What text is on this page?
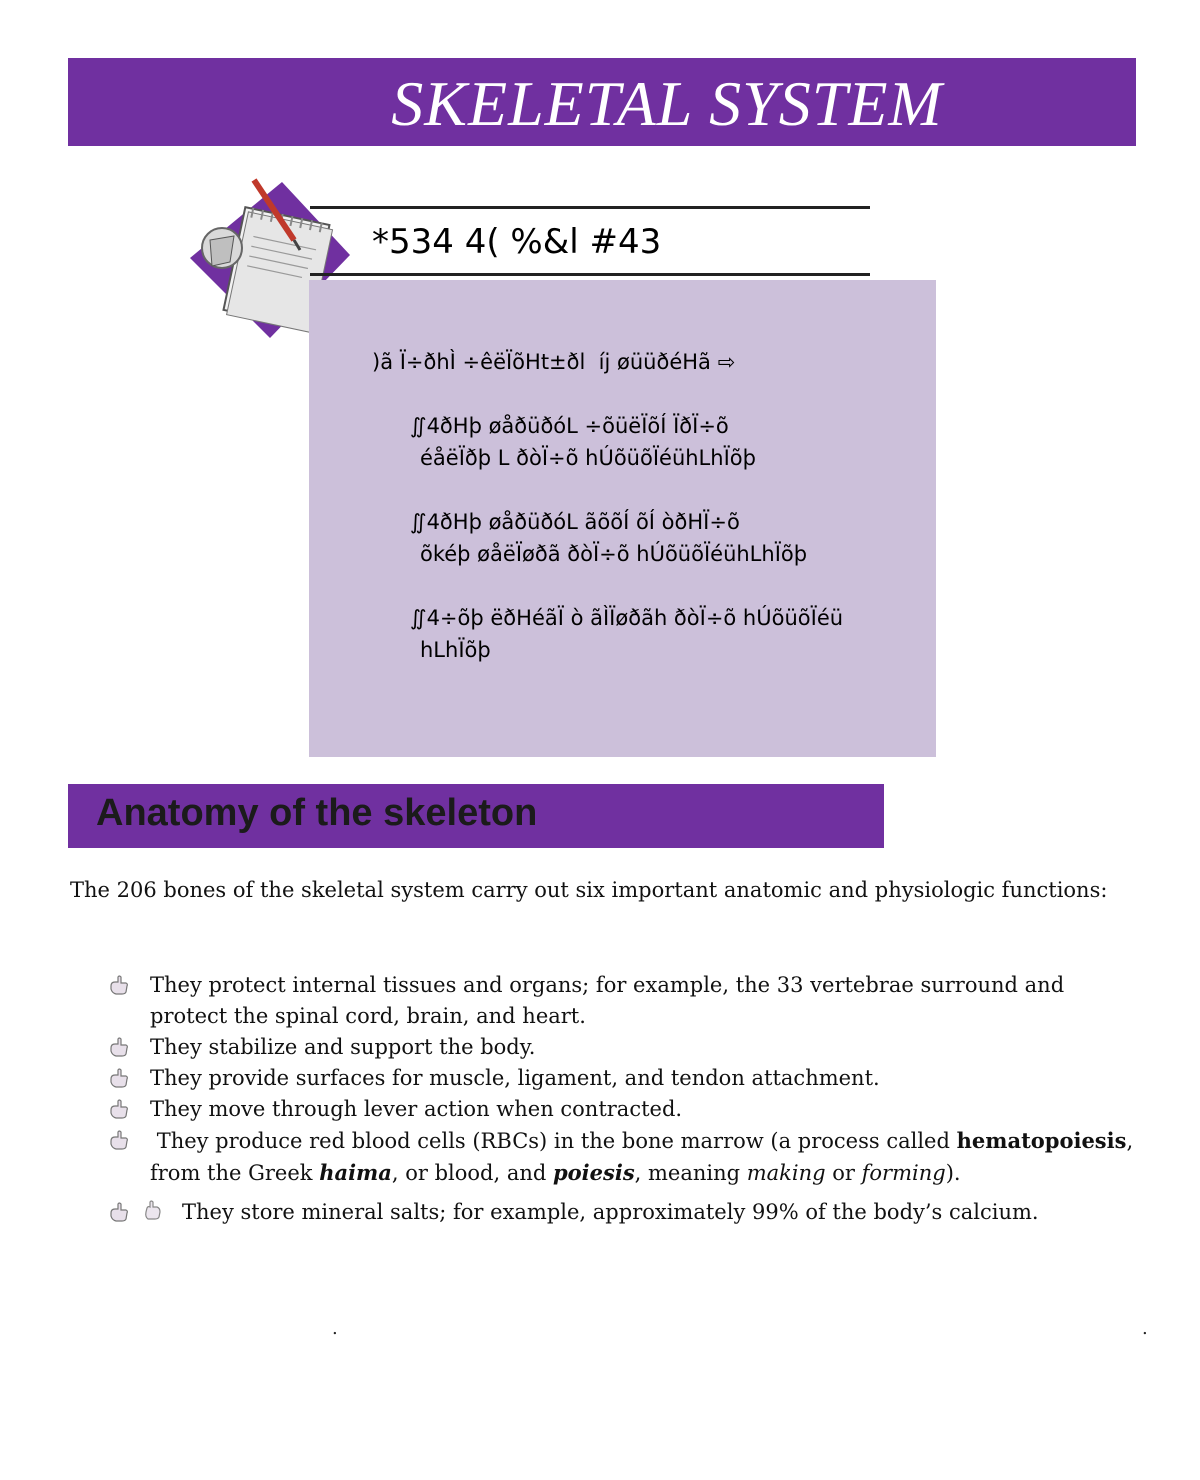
SKELETAL SYSTEM
*534 4( %&l #43
)ã Ï÷ðhÌ ÷êëÏõHt±ðl  íj øüüðéHã ⇨
∬4ðHþ øåðüðóL ÷õüëÏõÍ ÏðÏ÷õ
éåëÏðþ L ðòÏ÷õ hÚõüõÏéühLhÏõþ
∬4ðHþ øåðüðóL ãõõÍ õÍ òðHÏ÷õ
õkéþ øåëÏøðã ðòÏ÷õ hÚõüõÏéühLhÏõþ
∬4÷õþ ëðHéãÏ ò ãÌÏøðãh ðòÏ÷õ hÚõüõÏéü
hLhÏõþ
Anatomy of the skeleton
The 206 bones of the skeletal system carry out six important anatomic and physiologic functions:
They protect internal tissues and organs; for example, the 33 vertebrae surround and protect the spinal cord, brain, and heart.
They stabilize and support the body.
They provide surfaces for muscle, ligament, and tendon attachment.
They move through lever action when contracted.
They produce red blood cells (RBCs) in the bone marrow (a process called hematopoiesis, from the Greek haima, or blood, and poiesis, meaning making or forming).
They store mineral salts; for example, approximately 99% of the body’s calcium.
.	.
